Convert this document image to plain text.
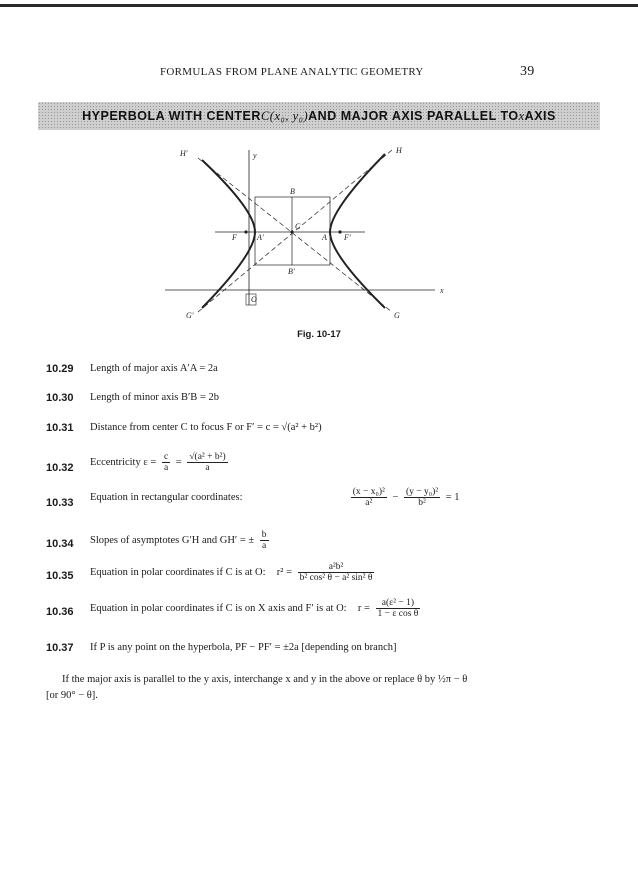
FORMULAS FROM PLANE ANALYTIC GEOMETRY	39
HYPERBOLA WITH CENTER C(x₀, y₀) AND MAJOR AXIS PARALLEL TO x AXIS
H'	H
y
x
B
B'
C
A
A'
F	F'
O
G
G'
Fig. 10-17
10.29 Length of major axis A′A = 2a
10.30 Length of minor axis B′B = 2b
10.31 Distance from center C to focus F or F′ = c = √(a² + b²)
10.32 Eccentricity $\varepsilon = \frac{c}{a} = \frac{\text{√(a² + b²)}}{a}$
10.33 Equation in rectangular coordinates:	$\frac{\text{(x − x₀)²}}{\text{a²}} - \frac{\text{(y − y₀)²}}{\text{b²}} = 1$
10.34 Slopes of asymptotes G′H and GH′ = ± $\frac{b}{a}$
10.35 Equation in polar coordinates if C is at O: $r^2 = \frac{\text{a²b²}}{\text{b² cos² θ − a² sin² θ}}$
10.36 Equation in polar coordinates if C is on X axis and F′ is at O: $r = \frac{\text{a(ε² − 1)}}{\text{1 − ε cos θ}}$
10.37 If P is any point on the hyperbola, PF − PF′ = ±2a [depending on branch]
If the major axis is parallel to the y axis, interchange x and y in the above or replace θ by ½π − θ
[or 90° − θ].
